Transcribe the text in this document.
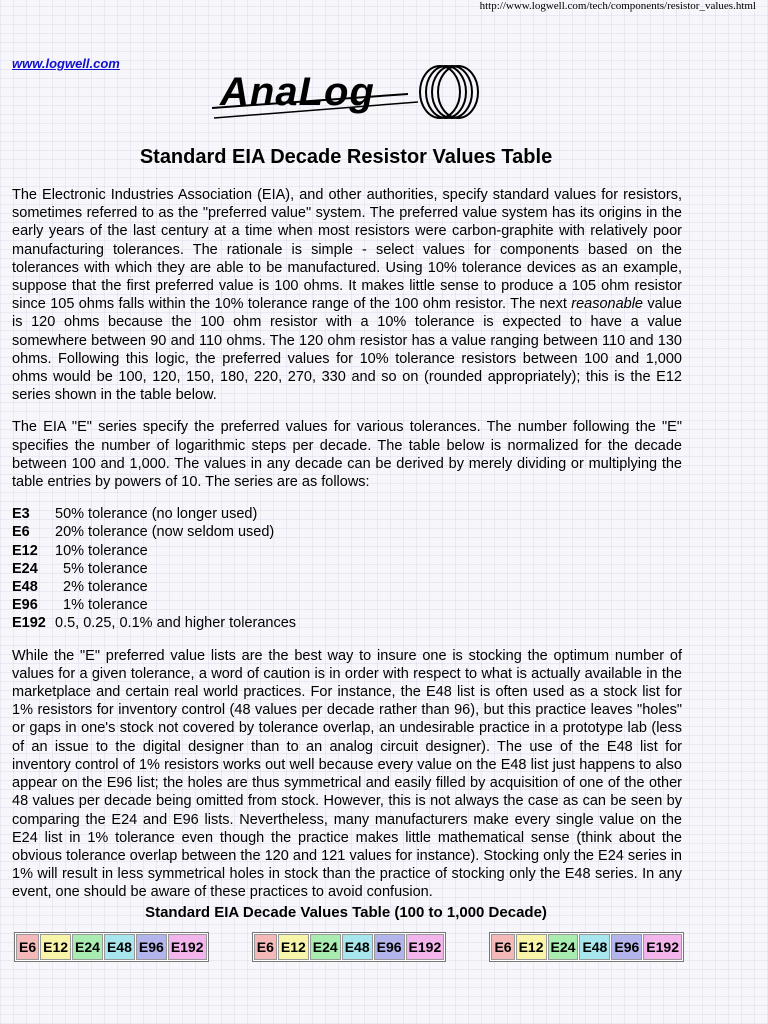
http://www.logwell.com/tech/components/resistor_values.html
www.logwell.com
AnaLog
Standard EIA Decade Resistor Values Table

The Electronic Industries Association (EIA), and other authorities, specify standard values for resistors, sometimes referred to as the "preferred value" system. The preferred value system has its origins in the early years of the last century at a time when most resistors were carbon-graphite with relatively poor manufacturing tolerances. The rationale is simple - select values for components based on the tolerances with which they are able to be manufactured. Using 10% tolerance devices as an example, suppose that the first preferred value is 100 ohms. It makes little sense to produce a 105 ohm resistor since 105 ohms falls within the 10% tolerance range of the 100 ohm resistor. The next reasonable value is 120 ohms because the 100 ohm resistor with a 10% tolerance is expected to have a value somewhere between 90 and 110 ohms. The 120 ohm resistor has a value ranging between 110 and 130 ohms. Following this logic, the preferred values for 10% tolerance resistors between 100 and 1,000 ohms would be 100, 120, 150, 180, 220, 270, 330 and so on (rounded appropriately); this is the E12 series shown in the table below.

The EIA "E" series specify the preferred values for various tolerances. The number following the "E" specifies the number of logarithmic steps per decade. The table below is normalized for the decade between 100 and 1,000. The values in any decade can be derived by merely dividing or multiplying the table entries by powers of 10. The series are as follows:

E3	50% tolerance (no longer used)
E6	20% tolerance (now seldom used)
E12	10% tolerance
E24	5% tolerance
E48	2% tolerance
E96	1% tolerance
E192 0.5, 0.25, 0.1% and higher tolerances

While the "E" preferred value lists are the best way to insure one is stocking the optimum number of values for a given tolerance, a word of caution is in order with respect to what is actually available in the marketplace and certain real world practices. For instance, the E48 list is often used as a stock list for 1% resistors for inventory control (48 values per decade rather than 96), but this practice leaves "holes" or gaps in one's stock not covered by tolerance overlap, an undesirable practice in a prototype lab (less of an issue to the digital designer than to an analog circuit designer). The use of the E48 list for inventory control of 1% resistors works out well because every value on the E48 list just happens to also appear on the E96 list; the holes are thus symmetrical and easily filled by acquisition of one of the other 48 values per decade being omitted from stock. However, this is not always the case as can be seen by comparing the E24 and E96 lists. Nevertheless, many manufacturers make every single value on the E24 list in 1% tolerance even though the practice makes little mathematical sense (think about the obvious tolerance overlap between the 120 and 121 values for instance). Stocking only the E24 series in 1% will result in less symmetrical holes in stock than the practice of stocking only the E48 series. In any event, one should be aware of these practices to avoid confusion.

Standard EIA Decade Values Table (100 to 1,000 Decade)
E6 E12 E24 E48 E96 E192	E6 E12 E24 E48 E96 E192	E6 E12 E24 E48 E96 E192
